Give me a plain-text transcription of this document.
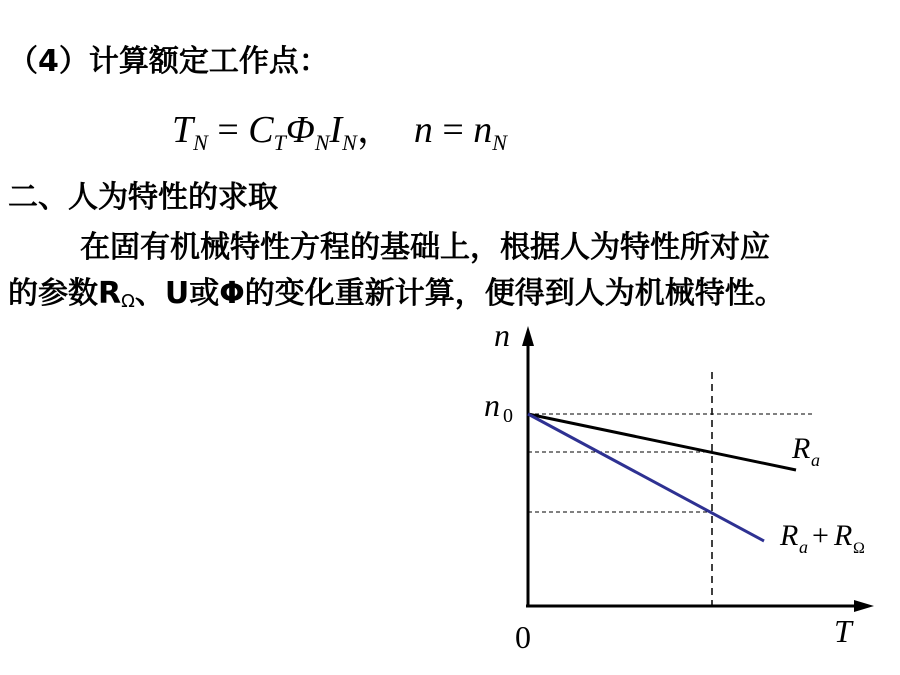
（4）计算额定工作点：
$T_N = C_T\Phi_NI_N$， $n = n_N$
二、人为特性的求取
在固有机械特性方程的基础上，根据人为特性所对应
的参数$R_\Omega$、U或Φ的变化重新计算，便得到人为机械特性。
n
T
0
n 0
R a
R a + R Ω
